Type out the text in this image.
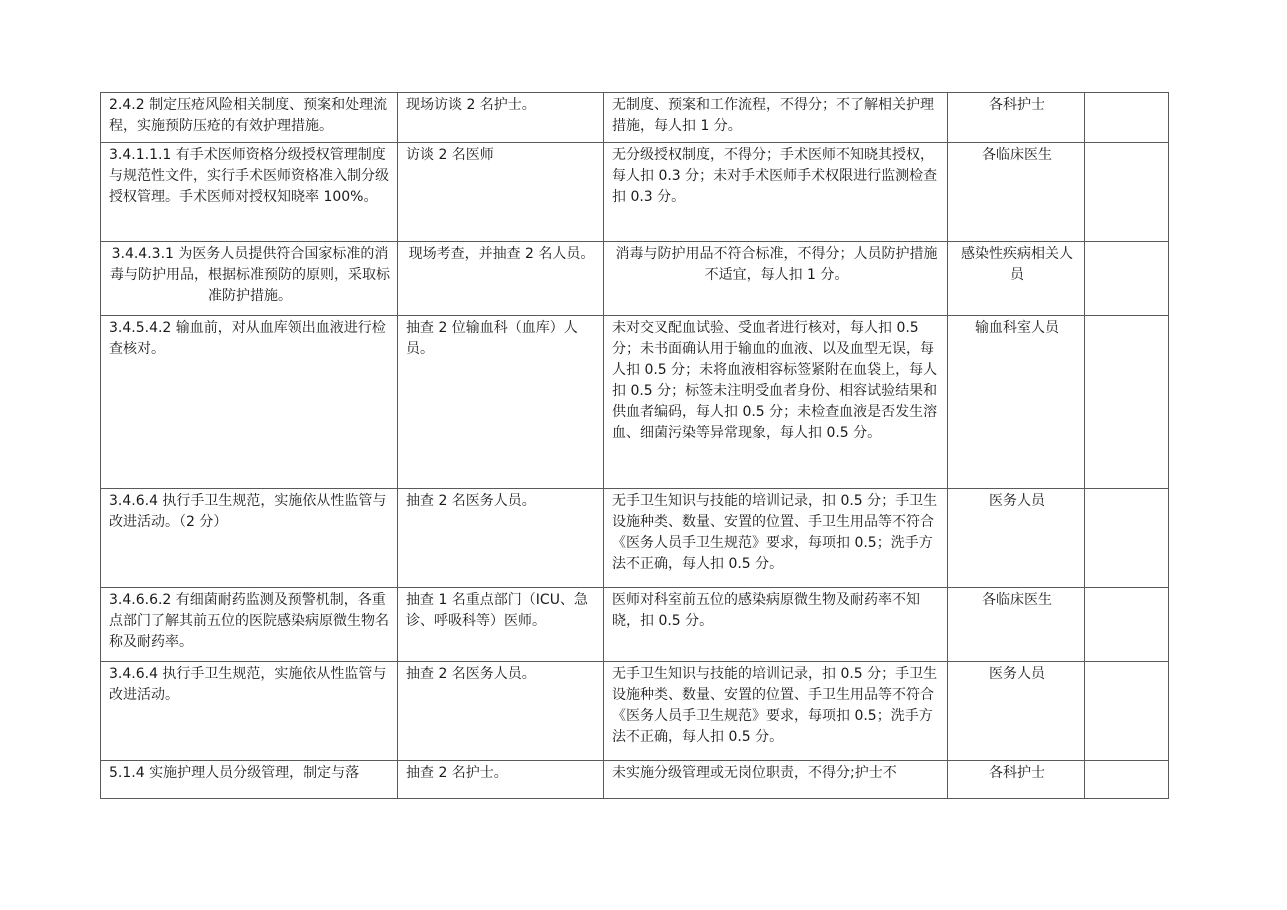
2.4.2 制定压疮风险相关制度、预案和处理流程，实施预防压疮的有效护理措施。	现场访谈 2 名护士。	无制度、预案和工作流程，不得分；不了解相关护理措施，每人扣 1 分。	各科护士	
3.4.1.1.1 有手术医师资格分级授权管理制度与规范性文件，实行手术医师资格准入制分级授权管理。手术医师对授权知晓率 100%。	访谈 2 名医师	无分级授权制度，不得分；手术医师不知晓其授权，每人扣 0.3 分；未对手术医师手术权限进行监测检查扣 0.3 分。	各临床医生	
3.4.4.3.1 为医务人员提供符合国家标准的消毒与防护用品，根据标准预防的原则，采取标准防护措施。	现场考查，并抽查 2 名人员。	消毒与防护用品不符合标准，不得分；人员防护措施不适宜，每人扣 1 分。	感染性疾病相关人员	
3.4.5.4.2 输血前，对从血库领出血液进行检查核对。	抽查 2 位输血科（血库）人员。	未对交叉配血试验、受血者进行核对，每人扣 0.5 分；未书面确认用于输血的血液、以及血型无误，每人扣 0.5 分；未将血液相容标签紧附在血袋上，每人扣 0.5 分；标签未注明受血者身份、相容试验结果和供血者编码，每人扣 0.5 分；未检查血液是否发生溶血、细菌污染等异常现象，每人扣 0.5 分。	输血科室人员	
3.4.6.4 执行手卫生规范，实施依从性监管与改进活动。（2 分）	抽查 2 名医务人员。	无手卫生知识与技能的培训记录，扣 0.5 分；手卫生设施种类、数量、安置的位置、手卫生用品等不符合《医务人员手卫生规范》要求，每项扣 0.5；洗手方法不正确，每人扣 0.5 分。	医务人员	
3.4.6.6.2 有细菌耐药监测及预警机制，各重点部门了解其前五位的医院感染病原微生物名称及耐药率。	抽查 1 名重点部门（ICU、急诊、呼吸科等）医师。	医师对科室前五位的感染病原微生物及耐药率不知晓，扣 0.5 分。	各临床医生	
3.4.6.4 执行手卫生规范，实施依从性监管与改进活动。	抽查 2 名医务人员。	无手卫生知识与技能的培训记录，扣 0.5 分；手卫生设施种类、数量、安置的位置、手卫生用品等不符合《医务人员手卫生规范》要求，每项扣 0.5；洗手方法不正确，每人扣 0.5 分。	医务人员	
5.1.4 实施护理人员分级管理，制定与落	抽查 2 名护士。	未实施分级管理或无岗位职责，不得分;护士不	各科护士	
